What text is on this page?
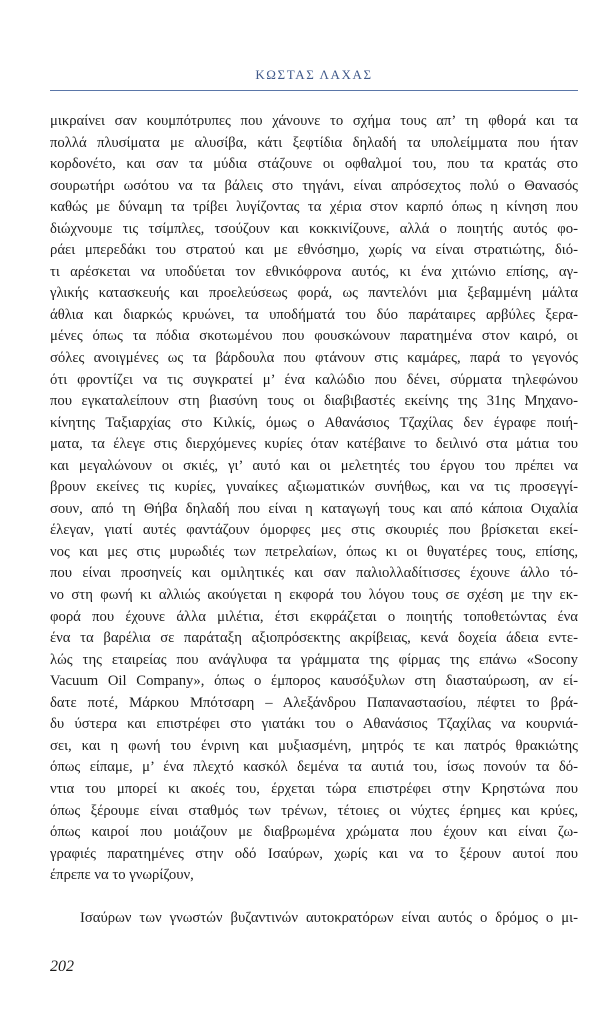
ΚΩΣΤΑΣ ΛΑΧΑΣ
μικραίνει σαν κουμπότρυπες που χάνουνε το σχήμα τους απ’ τη φθορά και τα
πολλά πλυσίματα με αλυσίβα, κάτι ξεφτίδια δηλαδή τα υπολείμματα που ήταν
κορδονέτο, και σαν τα μύδια στάζουνε οι οφθαλμοί του, που τα κρατάς στο
σουρωτήρι ωσότου να τα βάλεις στο τηγάνι, είναι απρόσεχτος πολύ ο Θανασός
καθώς με δύναμη τα τρίβει λυγίζοντας τα χέρια στον καρπό όπως η κίνηση που
διώχνουμε τις τσίμπλες, τσούζουν και κοκκινίζουνε, αλλά ο ποιητής αυτός φο-
ράει μπερεδάκι του στρατού και με εθνόσημο, χωρίς να είναι στρατιώτης, διό-
τι αρέσκεται να υποδύεται τον εθνικόφρονα αυτός, κι ένα χιτώνιο επίσης, αγ-
γλικής κατασκευής και προελεύσεως φορά, ως παντελόνι μια ξεβαμμένη μάλτα
άθλια και διαρκώς κρυώνει, τα υποδήματά του δύο παράταιρες αρβύλες ξερα-
μένες όπως τα πόδια σκοτωμένου που φουσκώνουν παρατημένα στον καιρό, οι
σόλες ανοιγμένες ως τα βάρδουλα που φτάνουν στις καμάρες, παρά το γεγονός
ότι φροντίζει να τις συγκρατεί μ’ ένα καλώδιο που δένει, σύρματα τηλεφώνου
που εγκαταλείπουν στη βιασύνη τους οι διαβιβαστές εκείνης της 31ης Μηχανο-
κίνητης Ταξιαρχίας στο Κιλκίς, όμως ο Αθανάσιος Τζαχίλας δεν έγραφε ποιή-
ματα, τα έλεγε στις διερχόμενες κυρίες όταν κατέβαινε το δειλινό στα μάτια του
και μεγαλώνουν οι σκιές, γι’ αυτό και οι μελετητές του έργου του πρέπει να
βρουν εκείνες τις κυρίες, γυναίκες αξιωματικών συνήθως, και να τις προσεγγί-
σουν, από τη Θήβα δηλαδή που είναι η καταγωγή τους και από κάποια Οιχαλία
έλεγαν, γιατί αυτές φαντάζουν όμορφες μες στις σκουριές που βρίσκεται εκεί-
νος και μες στις μυρωδιές των πετρελαίων, όπως κι οι θυγατέρες τους, επίσης,
που είναι προσηνείς και ομιλητικές και σαν παλιολλαδίτισσες έχουνε άλλο τό-
νο στη φωνή κι αλλιώς ακούγεται η εκφορά του λόγου τους σε σχέση με την εκ-
φορά που έχουνε άλλα μιλέτια, έτσι εκφράζεται ο ποιητής τοποθετώντας ένα
ένα τα βαρέλια σε παράταξη αξιοπρόσεκτης ακρίβειας, κενά δοχεία άδεια εντε-
λώς της εταιρείας που ανάγλυφα τα γράμματα της φίρμας της επάνω «Socony
Vacuum Oil Company», όπως ο έμπορος καυσόξυλων στη διασταύρωση, αν εί-
δατε ποτέ, Μάρκου Μπότσαρη – Αλεξάνδρου Παπαναστασίου, πέφτει το βρά-
δυ ύστερα και επιστρέφει στο γιατάκι του ο Αθανάσιος Τζαχίλας να κουρνιά-
σει, και η φωνή του ένρινη και μυξιασμένη, μητρός τε και πατρός θρακιώτης
όπως είπαμε, μ’ ένα πλεχτό κασκόλ δεμένα τα αυτιά του, ίσως πονούν τα δό-
ντια του μπορεί κι ακοές του, έρχεται τώρα επιστρέφει στην Κρηστώνα που
όπως ξέρουμε είναι σταθμός των τρένων, τέτοιες οι νύχτες έρημες και κρύες,
όπως καιροί που μοιάζουν με διαβρωμένα χρώματα που έχουν και είναι ζω-
γραφιές παρατημένες στην οδό Ισαύρων, χωρίς και να το ξέρουν αυτοί που
έπρεπε να το γνωρίζουν,
Ισαύρων των γνωστών βυζαντινών αυτοκρατόρων είναι αυτός ο δρόμος ο μι-
202
